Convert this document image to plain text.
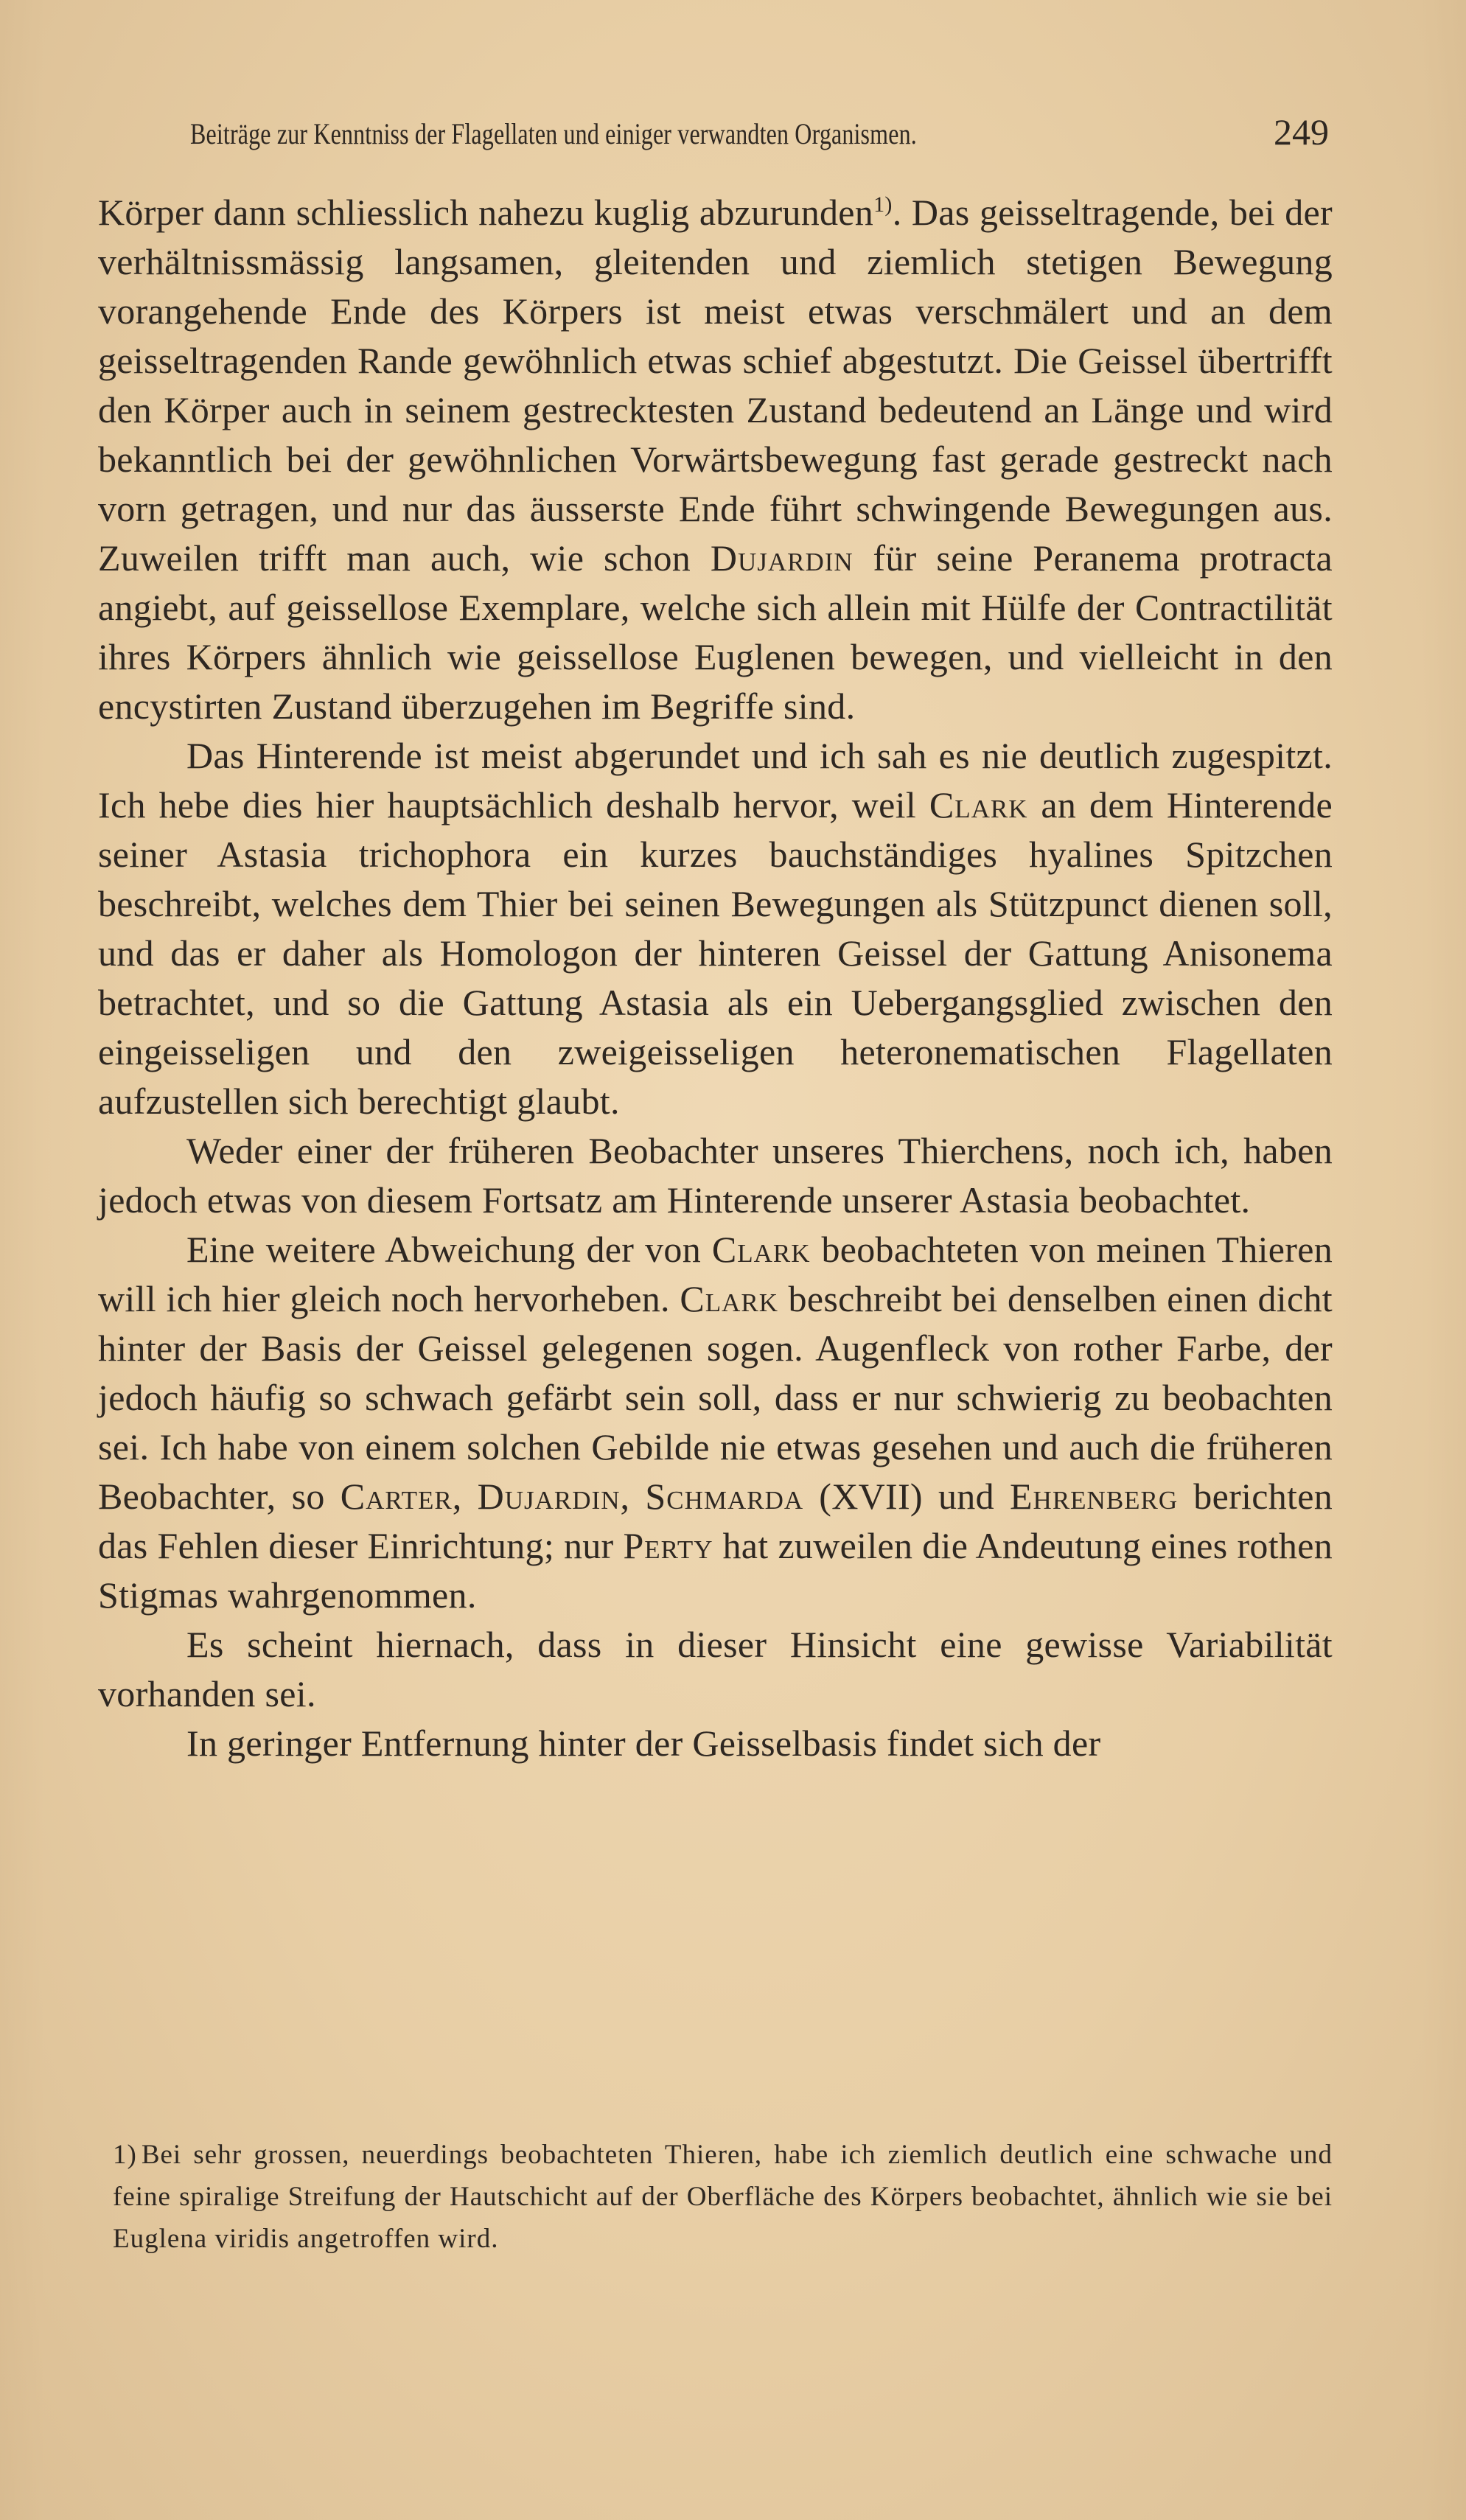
Beiträge zur Kenntniss der Flagellaten und einiger verwandten Organismen.	249

Körper dann schliesslich nahezu kuglig abzurunden$^{1)}$. Das geisseltragende, bei der verhältnissmässig langsamen, gleitenden und ziemlich stetigen Bewegung vorangehende Ende des Körpers ist meist etwas verschmälert und an dem geisseltragenden Rande gewöhnlich etwas schief abgestutzt. Die Geissel übertrifft den Körper auch in seinem gestrecktesten Zustand bedeutend an Länge und wird bekanntlich bei der gewöhnlichen Vorwärtsbewegung fast gerade gestreckt nach vorn getragen, und nur das äusserste Ende führt schwingende Bewegungen aus. Zuweilen trifft man auch, wie schon Dujardin für seine Peranema protracta angiebt, auf geissellose Exemplare, welche sich allein mit Hülfe der Contractilität ihres Körpers ähnlich wie geissellose Euglenen bewegen, und vielleicht in den encystirten Zustand überzugehen im Begriffe sind.

Das Hinterende ist meist abgerundet und ich sah es nie deutlich zugespitzt. Ich hebe dies hier hauptsächlich deshalb hervor, weil Clark an dem Hinterende seiner Astasia trichophora ein kurzes bauchständiges hyalines Spitzchen beschreibt, welches dem Thier bei seinen Bewegungen als Stützpunct dienen soll, und das er daher als Homologon der hinteren Geissel der Gattung Anisonema betrachtet, und so die Gattung Astasia als ein Uebergangsglied zwischen den eingeisseligen und den zweigeisseligen heteronematischen Flagellaten aufzustellen sich berechtigt glaubt.

Weder einer der früheren Beobachter unseres Thierchens, noch ich, haben jedoch etwas von diesem Fortsatz am Hinterende unserer Astasia beobachtet.

Eine weitere Abweichung der von Clark beobachteten von meinen Thieren will ich hier gleich noch hervorheben. Clark beschreibt bei denselben einen dicht hinter der Basis der Geissel gelegenen sogen. Augenfleck von rother Farbe, der jedoch häufig so schwach gefärbt sein soll, dass er nur schwierig zu beobachten sei. Ich habe von einem solchen Gebilde nie etwas gesehen und auch die früheren Beobachter, so Carter, Dujardin, Schmarda (XVII) und Ehrenberg berichten das Fehlen dieser Einrichtung; nur Perty hat zuweilen die Andeutung eines rothen Stigmas wahrgenommen.

Es scheint hiernach, dass in dieser Hinsicht eine gewisse Variabilität vorhanden sei.

In geringer Entfernung hinter der Geisselbasis findet sich der

1) Bei sehr grossen, neuerdings beobachteten Thieren, habe ich ziemlich deutlich eine schwache und feine spiralige Streifung der Hautschicht auf der Oberfläche des Körpers beobachtet, ähnlich wie sie bei Euglena viridis angetroffen wird.
